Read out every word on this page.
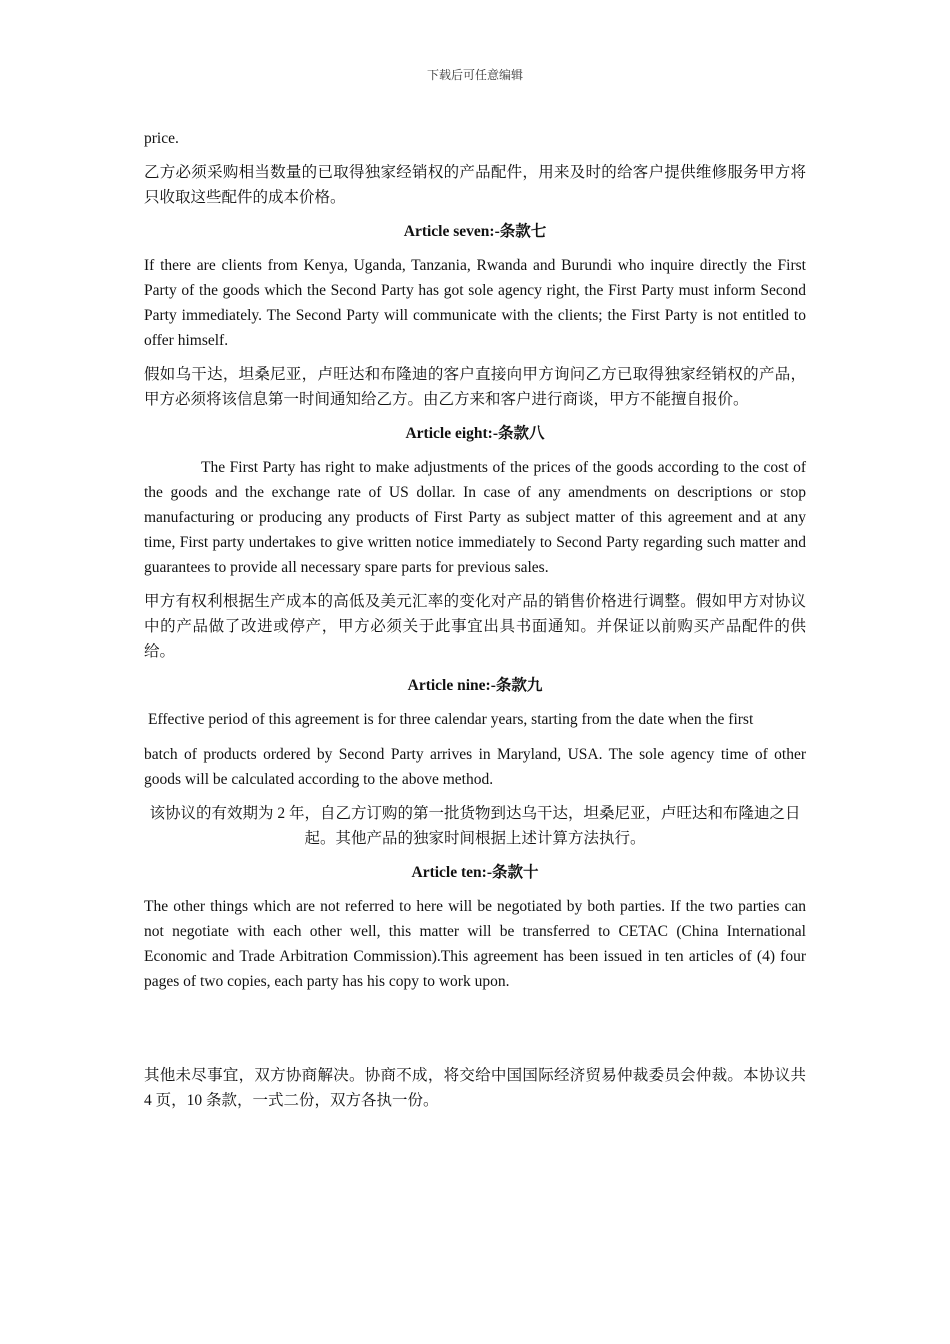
下载后可任意编辑

price.

乙方必须采购相当数量的已取得独家经销权的产品配件，用来及时的给客户提供维修服务甲方将只收取这些配件的成本价格。

Article seven:-条款七

If there are clients from Kenya, Uganda, Tanzania, Rwanda and Burundi who inquire directly the First Party of the goods which the Second Party has got sole agency right, the First Party must inform Second Party immediately. The Second Party will communicate with the clients; the First Party is not entitled to offer himself.

假如乌干达，坦桑尼亚，卢旺达和布隆迪的客户直接向甲方询问乙方已取得独家经销权的产品，甲方必须将该信息第一时间通知给乙方。由乙方来和客户进行商谈，甲方不能擅自报价。

Article eight:-条款八

The First Party has right to make adjustments of the prices of the goods according to the cost of the goods and the exchange rate of US dollar. In case of any amendments on descriptions or stop manufacturing or producing any products of First Party as subject matter of this agreement and at any time, First party undertakes to give written notice immediately to Second Party regarding such matter and guarantees to provide all necessary spare parts for previous sales.

甲方有权利根据生产成本的高低及美元汇率的变化对产品的销售价格进行调整。假如甲方对协议中的产品做了改进或停产，甲方必须关于此事宜出具书面通知。并保证以前购买产品配件的供给。

Article nine:-条款九

Effective period of this agreement is for three calendar years, starting from the date when the first

batch of products ordered by Second Party arrives in Maryland, USA. The sole agency time of other goods will be calculated according to the above method.

该协议的有效期为 2 年，自乙方订购的第一批货物到达乌干达，坦桑尼亚，卢旺达和布隆迪之日起。其他产品的独家时间根据上述计算方法执行。

Article ten:-条款十

The other things which are not referred to here will be negotiated by both parties. If the two parties can not negotiate with each other well, this matter will be transferred to CETAC (China International Economic and Trade Arbitration Commission).This agreement has been issued in ten articles of (4) four pages of two copies, each party has his copy to work upon.

其他未尽事宜，双方协商解决。协商不成，将交给中国国际经济贸易仲裁委员会仲裁。本协议共 4 页，10 条款，一式二份，双方各执一份。
